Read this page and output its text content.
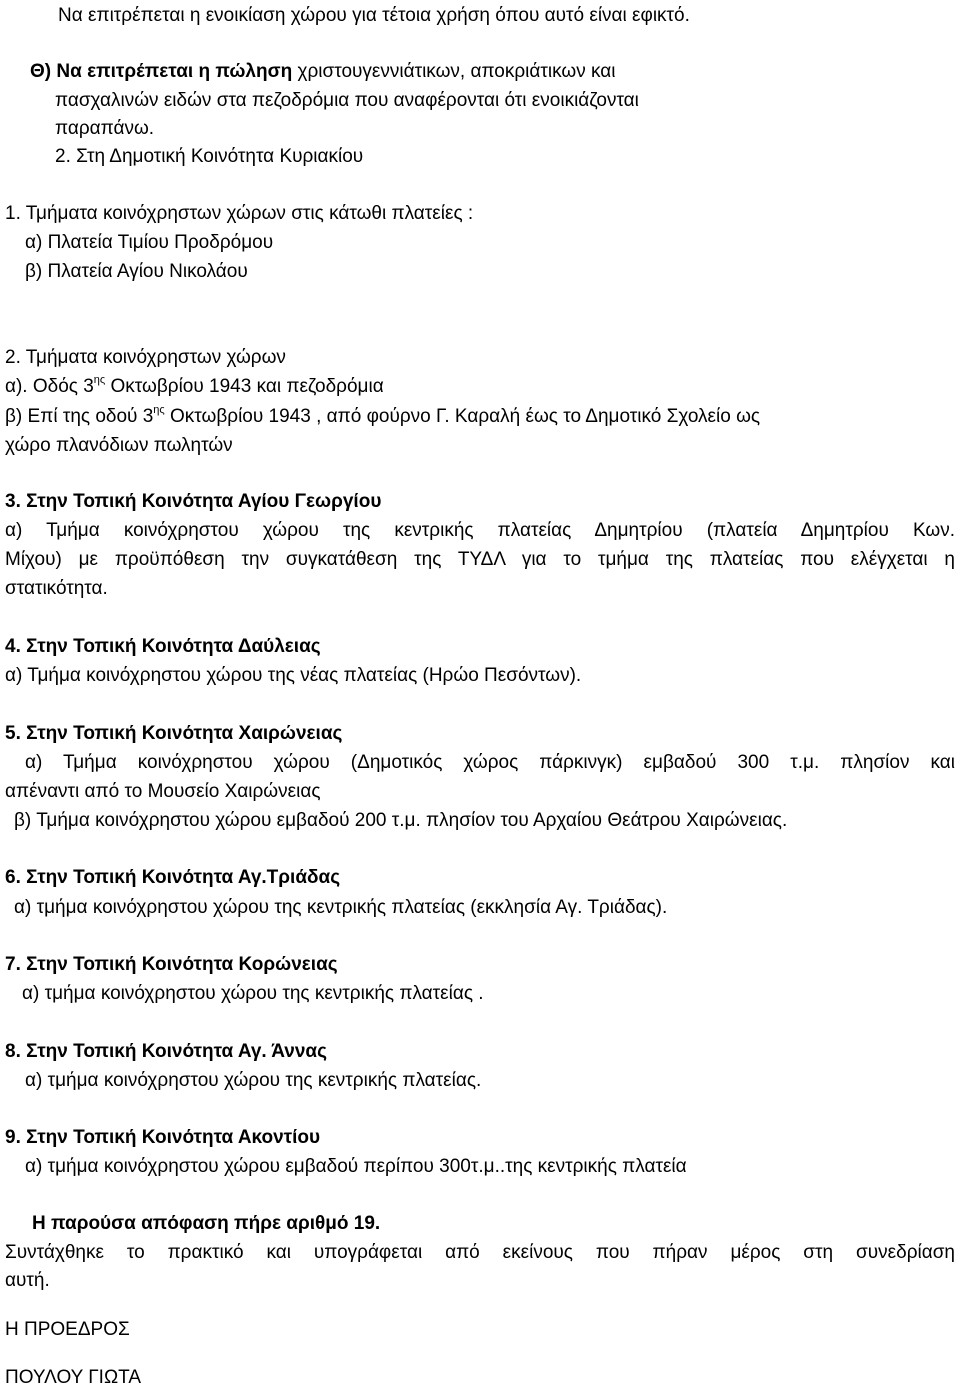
Να επιτρέπεται η ενοικίαση χώρου για τέτοια χρήση όπου αυτό είναι εφικτό.
Θ) Να επιτρέπεται η πώληση χριστουγεννιάτικων, αποκριάτικων και
πασχαλινών ειδών στα πεζοδρόμια που αναφέρονται ότι ενοικιάζονται
παραπάνω.
2. Στη Δημοτική Κοινότητα Κυριακίου
1. Τμήματα κοινόχρηστων χώρων στις κάτωθι πλατείες :
α) Πλατεία Τιμίου Προδρόμου
β) Πλατεία Αγίου Νικολάου
2. Τμήματα κοινόχρηστων χώρων
α). Οδός $3^{\eta\varsigma}$ Οκτωβρίου 1943 και πεζοδρόμια
β) Επί της οδού $3^{\eta\varsigma}$ Οκτωβρίου 1943 , από φούρνο Γ. Καραλή έως το Δημοτικό Σχολείο ως
χώρο πλανόδιων πωλητών
3. Στην Τοπική Κοινότητα Αγίου Γεωργίου
α) Τμήμα κοινόχρηστου χώρου της κεντρικής πλατείας Δημητρίου (πλατεία Δημητρίου Κων.
Μίχου) με προϋπόθεση την συγκατάθεση της ΤΥΔΛ για το τμήμα της πλατείας που ελέγχεται η
στατικότητα.
4. Στην Τοπική Κοινότητα Δαύλειας
α) Τμήμα κοινόχρηστου χώρου της νέας πλατείας (Ηρώο Πεσόντων).
5. Στην Τοπική Κοινότητα Χαιρώνειας
α) Τμήμα κοινόχρηστου χώρου (Δημοτικός χώρος πάρκινγκ) εμβαδού 300 τ.μ. πλησίον και
απέναντι από το Μουσείο Χαιρώνειας
β) Τμήμα κοινόχρηστου χώρου εμβαδού 200 τ.μ. πλησίον του Αρχαίου Θεάτρου Χαιρώνειας.
6. Στην Τοπική Κοινότητα Αγ.Τριάδας
α) τμήμα κοινόχρηστου χώρου της κεντρικής πλατείας (εκκλησία Αγ. Τριάδας).
7. Στην Τοπική Κοινότητα Κορώνειας
α) τμήμα κοινόχρηστου χώρου της κεντρικής πλατείας .
8. Στην Τοπική Κοινότητα Αγ. Άννας
α) τμήμα κοινόχρηστου χώρου της κεντρικής πλατείας.
9. Στην Τοπική Κοινότητα Ακοντίου
α) τμήμα κοινόχρηστου χώρου εμβαδού περίπου 300τ.μ..της κεντρικής πλατεία
Η παρούσα απόφαση πήρε αριθμό 19.
Συντάχθηκε το πρακτικό και υπογράφεται από εκείνους που πήραν μέρος στη συνεδρίαση
αυτή.
Η ΠΡΟΕΔΡΟΣ
ΠΟΥΛΟΥ ΓΙΩΤΑ
